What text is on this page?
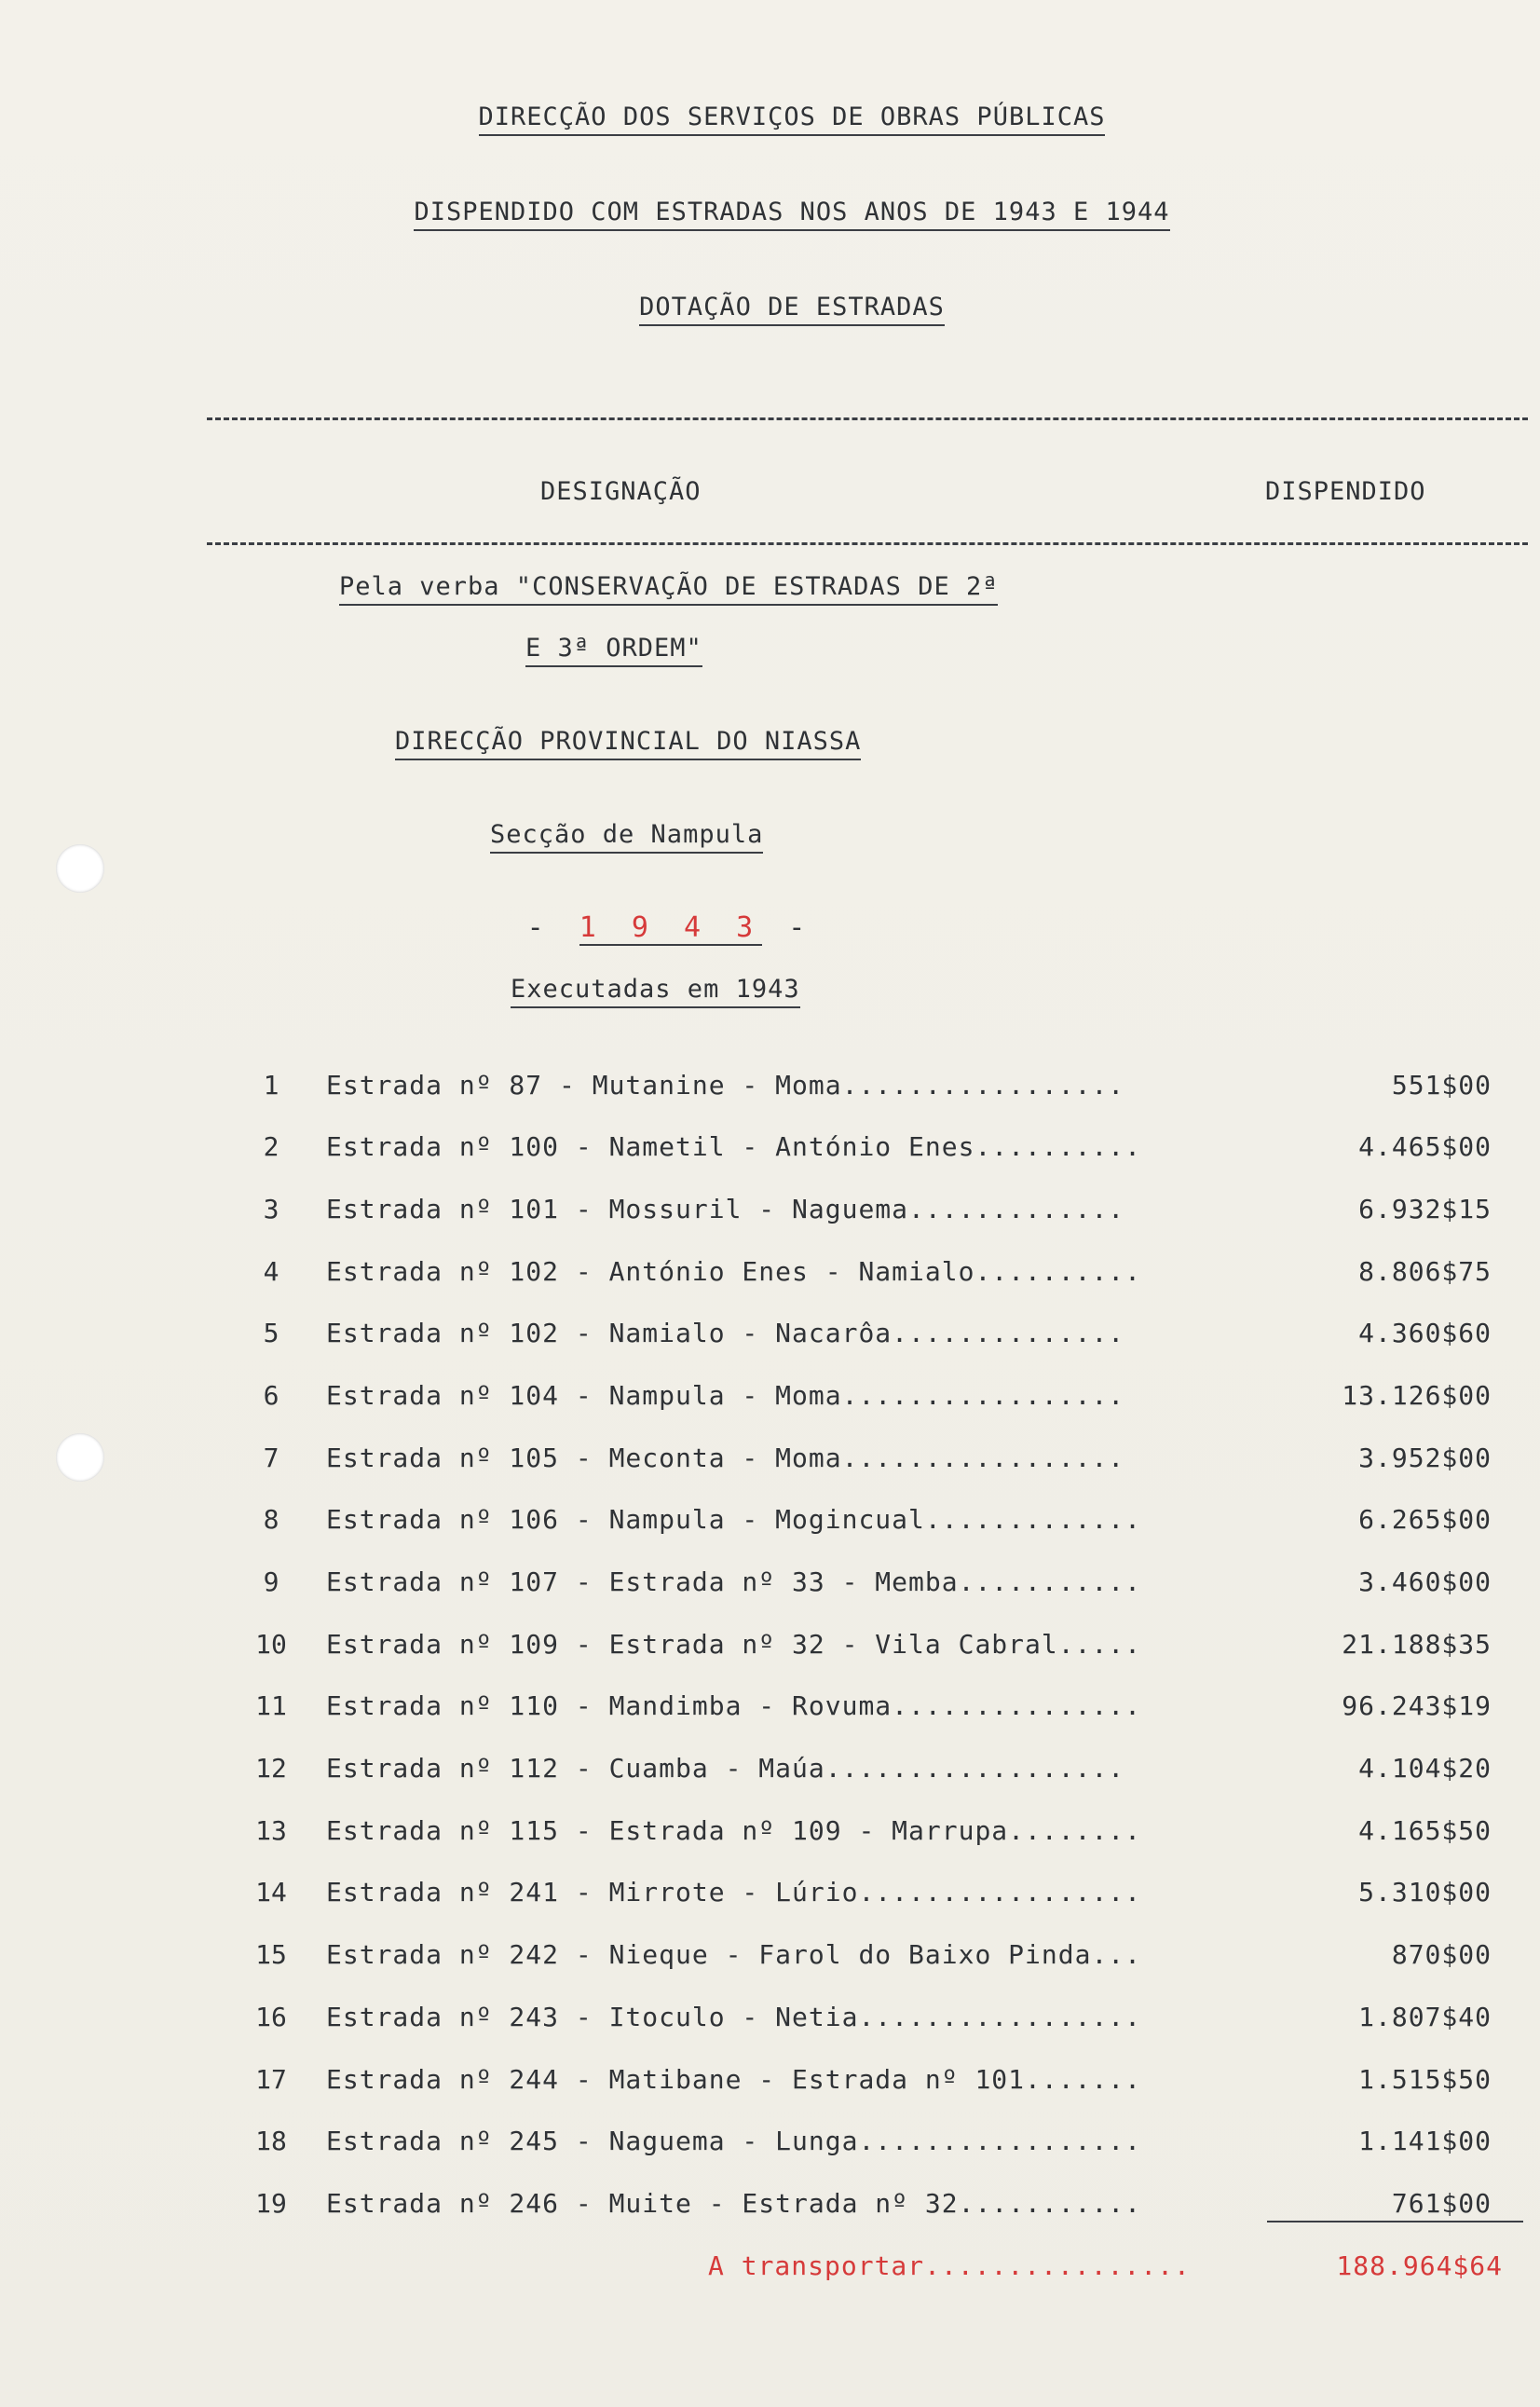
DIRECÇÃO DOS SERVIÇOS DE OBRAS PÚBLICAS
DISPENDIDO COM ESTRADAS NOS ANOS DE 1943 E 1944
DOTAÇÃO DE ESTRADAS
DESIGNAÇÃO	DISPENDIDO
Pela verba "CONSERVAÇÃO DE ESTRADAS DE 2ª
E 3ª ORDEM"
DIRECÇÃO PROVINCIAL DO NIASSA
Secção de Nampula
- 1 9 4 3 -
Executadas em 1943
1	Estrada nº 87 - Mutanine - Moma.................	551$00
2	Estrada nº 100 - Nametil - António Enes..........	4.465$00
3	Estrada nº 101 - Mossuril - Naguema.............	6.932$15
4	Estrada nº 102 - António Enes - Namialo..........	8.806$75
5	Estrada nº 102 - Namialo - Nacarôa..............	4.360$60
6	Estrada nº 104 - Nampula - Moma.................	13.126$00
7	Estrada nº 105 - Meconta - Moma.................	3.952$00
8	Estrada nº 106 - Nampula - Mogincual.............	6.265$00
9	Estrada nº 107 - Estrada nº 33 - Memba...........	3.460$00
10 Estrada nº 109 - Estrada nº 32 - Vila Cabral.....	21.188$35
11 Estrada nº 110 - Mandimba - Rovuma...............	96.243$19
12 Estrada nº 112 - Cuamba - Maúa..................	4.104$20
13 Estrada nº 115 - Estrada nº 109 - Marrupa........	4.165$50
14 Estrada nº 241 - Mirrote - Lúrio.................	5.310$00
15 Estrada nº 242 - Nieque - Farol do Baixo Pinda...	870$00
16 Estrada nº 243 - Itoculo - Netia.................	1.807$40
17 Estrada nº 244 - Matibane - Estrada nº 101.......	1.515$50
18 Estrada nº 245 - Naguema - Lunga.................	1.141$00
19 Estrada nº 246 - Muite - Estrada nº 32...........	761$00
A transportar................	188.964$64
